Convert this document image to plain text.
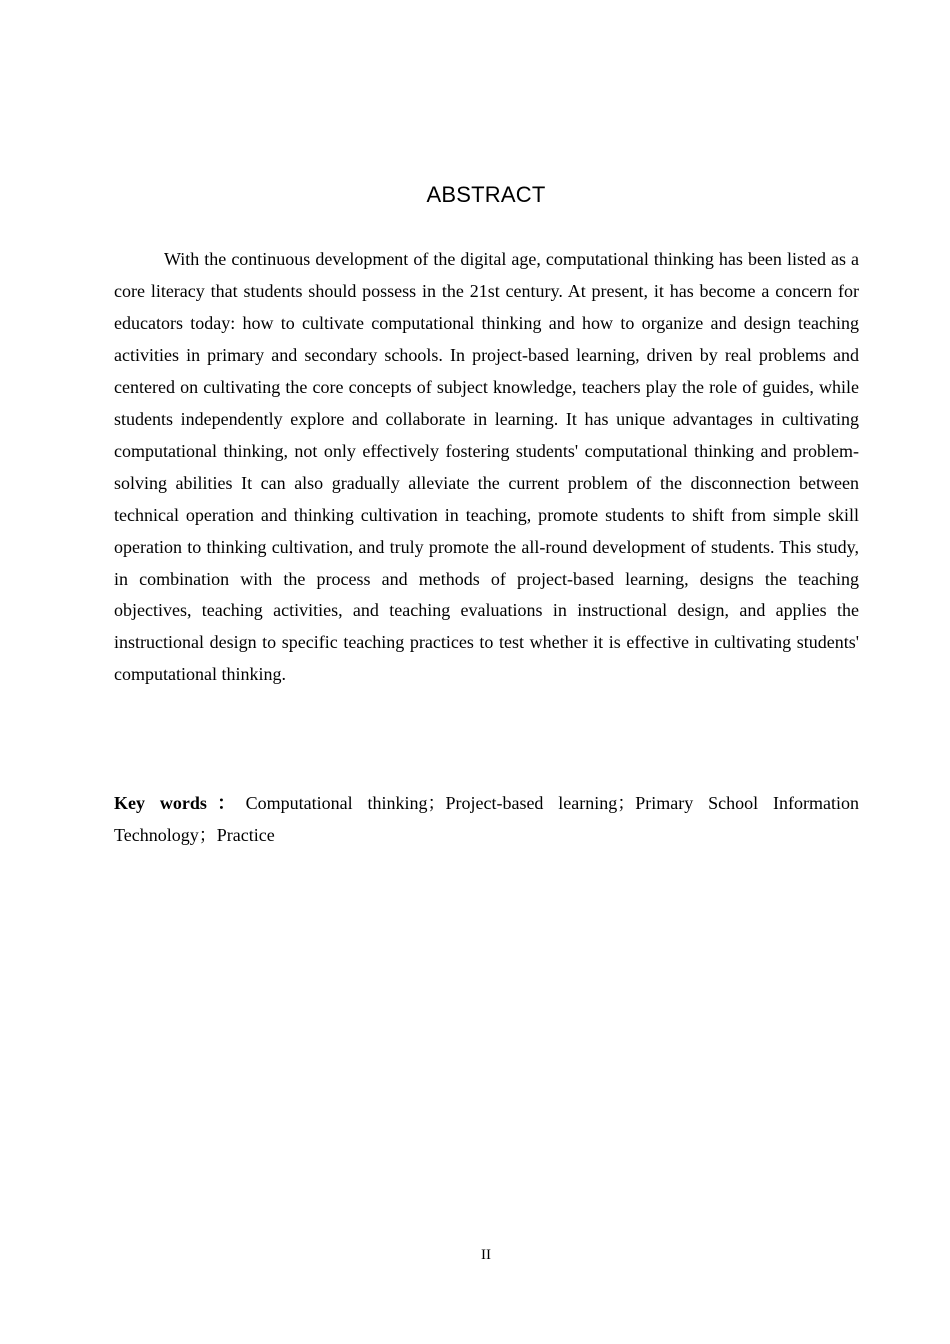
ABSTRACT

With the continuous development of the digital age, computational thinking has been listed as a core literacy that students should possess in the 21st century. At present, it has become a concern for educators today: how to cultivate computational thinking and how to organize and design teaching activities in primary and secondary schools. In project-based learning, driven by real problems and centered on cultivating the core concepts of subject knowledge, teachers play the role of guides, while students independently explore and collaborate in learning. It has unique advantages in cultivating computational thinking, not only effectively fostering students' computational thinking and problem-solving abilities It can also gradually alleviate the current problem of the disconnection between technical operation and thinking cultivation in teaching, promote students to shift from simple skill operation to thinking cultivation, and truly promote the all-round development of students. This study, in combination with the process and methods of project-based learning, designs the teaching objectives, teaching activities, and teaching evaluations in instructional design, and applies the instructional design to specific teaching practices to test whether it is effective in cultivating students' computational thinking.

Key words：Computational thinking；Project-based learning；Primary School Information Technology；Practice

II
